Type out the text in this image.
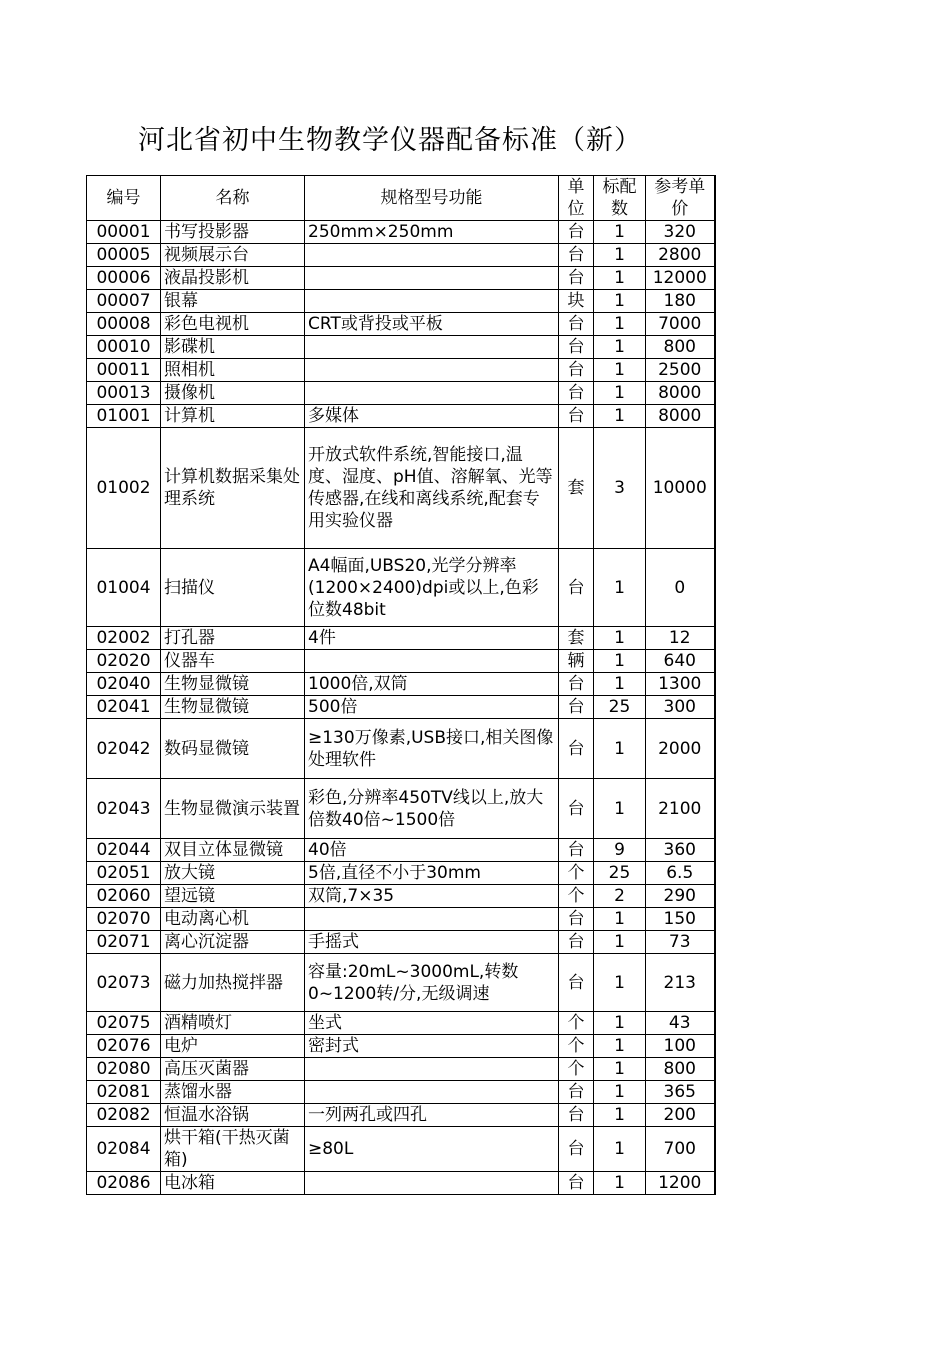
河北省初中生物教学仪器配备标准（新）
编号	名称	规格型号功能	单位	标配数	参考单价
00001	书写投影器	250mm×250mm	台	1	320
00005	视频展示台		台	1	2800
00006	液晶投影机		台	1	12000
00007	银幕		块	1	180
00008	彩色电视机	CRT或背投或平板	台	1	7000
00010	影碟机		台	1	800
00011	照相机		台	1	2500
00013	摄像机		台	1	8000
01001	计算机	多媒体	台	1	8000
01002	计算机数据采集处理系统	开放式软件系统,智能接口,温度、湿度、pH值、溶解氧、光等传感器,在线和离线系统,配套专用实验仪器	套	3	10000
01004	扫描仪	A4幅面,UBS20,光学分辨率(1200×2400)dpi或以上,色彩位数48bit	台	1	0
02002	打孔器	4件	套	1	12
02020	仪器车		辆	1	640
02040	生物显微镜	1000倍,双筒	台	1	1300
02041	生物显微镜	500倍	台	25	300
02042	数码显微镜	≥130万像素,USB接口,相关图像处理软件	台	1	2000
02043	生物显微演示装置	彩色,分辨率450TV线以上,放大倍数40倍~1500倍	台	1	2100
02044	双目立体显微镜	40倍	台	9	360
02051	放大镜	5倍,直径不小于30mm	个	25	6.5
02060	望远镜	双筒,7×35	个	2	290
02070	电动离心机		台	1	150
02071	离心沉淀器	手摇式	台	1	73
02073	磁力加热搅拌器	容量:20mL~3000mL,转数0~1200转/分,无级调速	台	1	213
02075	酒精喷灯	坐式	个	1	43
02076	电炉	密封式	个	1	100
02080	高压灭菌器		个	1	800
02081	蒸馏水器		台	1	365
02082	恒温水浴锅	一列两孔或四孔	台	1	200
02084	烘干箱(干热灭菌箱)	≥80L	台	1	700
02086	电冰箱		台	1	1200
